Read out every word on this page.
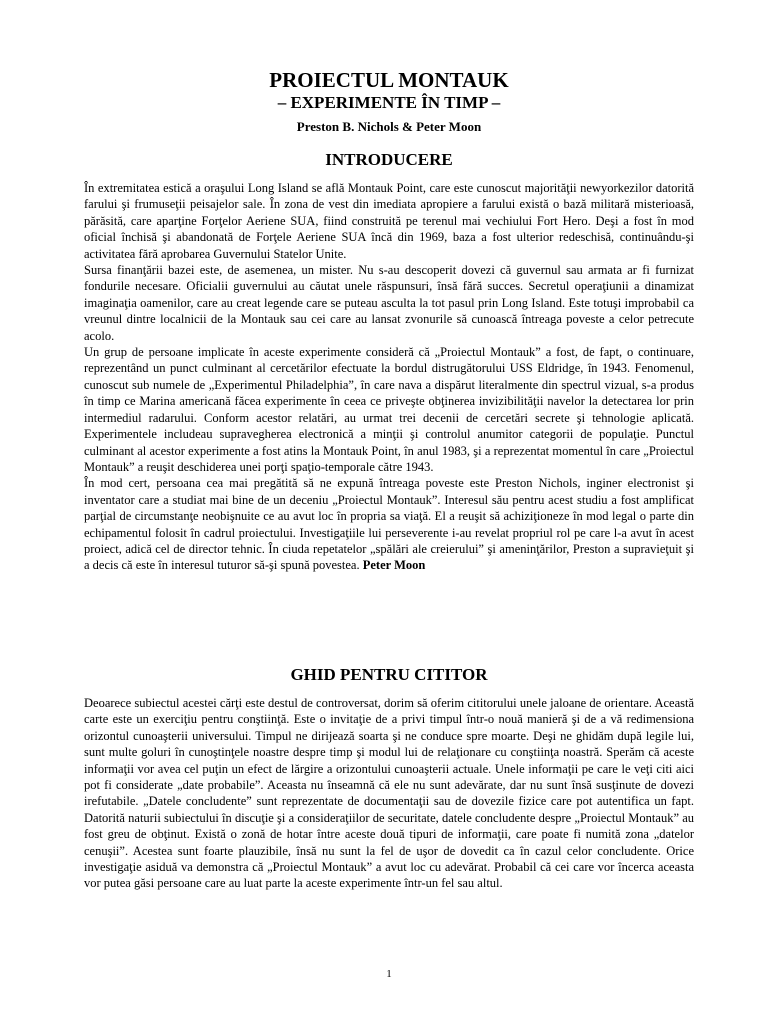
PROIECTUL MONTAUK
– EXPERIMENTE ÎN TIMP –
Preston B. Nichols & Peter Moon
INTRODUCERE

În extremitatea estică a oraşului Long Island se află Montauk Point, care este cunoscut majorităţii newyorkezilor datorită farului şi frumuseţii peisajelor sale. În zona de vest din imediata apropiere a farului există o bază militară misterioasă, părăsită, care aparţine Forţelor Aeriene SUA, fiind construită pe terenul mai vechiului Fort Hero. Deşi a fost în mod oficial închisă şi abandonată de Forţele Aeriene SUA încă din 1969, baza a fost ulterior redeschisă, continuându-şi activitatea fără aprobarea Guvernului Statelor Unite.

Sursa finanţării bazei este, de asemenea, un mister. Nu s-au descoperit dovezi că guvernul sau armata ar fi furnizat fondurile necesare. Oficialii guvernului au căutat unele răspunsuri, însă fără succes. Secretul operaţiunii a dinamizat imaginaţia oamenilor, care au creat legende care se puteau asculta la tot pasul prin Long Island. Este totuşi improbabil ca vreunul dintre localnicii de la Montauk sau cei care au lansat zvonurile să cunoască întreaga poveste a celor petrecute acolo.

Un grup de persoane implicate în aceste experimente consideră că „Proiectul Montauk” a fost, de fapt, o continuare, reprezentând un punct culminant al cercetărilor efectuate la bordul distrugătorului USS Eldridge, în 1943. Fenomenul, cunoscut sub numele de „Experimentul Philadelphia”, în care nava a dispărut literalmente din spectrul vizual, s-a produs în timp ce Marina americană făcea experimente în ceea ce priveşte obţinerea invizibilităţii navelor la detectarea lor prin intermediul radarului. Conform acestor relatări, au urmat trei decenii de cercetări secrete şi tehnologie aplicată. Experimentele includeau supravegherea electronică a minţii şi controlul anumitor categorii de populaţie. Punctul culminant al acestor experimente a fost atins la Montauk Point, în anul 1983, şi a reprezentat momentul în care „Proiectul Montauk” a reuşit deschiderea unei porţi spaţio-temporale către 1943.

În mod cert, persoana cea mai pregătită să ne expună întreaga poveste este Preston Nichols, inginer electronist şi inventator care a studiat mai bine de un deceniu „Proiectul Montauk”. Interesul său pentru acest studiu a fost amplificat parţial de circumstanţe neobişnuite ce au avut loc în propria sa viaţă. El a reuşit să achiziţioneze în mod legal o parte din echipamentul folosit în cadrul proiectului. Investigaţiile lui perseverente i-au revelat propriul rol pe care l-a avut în acest proiect, adică cel de director tehnic. În ciuda repetatelor „spălări ale creierului” şi ameninţărilor, Preston a supravieţuit şi a decis că este în interesul tuturor să-şi spună povestea. Peter Moon

GHID PENTRU CITITOR

Deoarece subiectul acestei cărţi este destul de controversat, dorim să oferim cititorului unele jaloane de orientare. Această carte este un exerciţiu pentru conştiinţă. Este o invitaţie de a privi timpul într-o nouă manieră şi de a vă redimensiona orizontul cunoaşterii universului. Timpul ne dirijează soarta şi ne conduce spre moarte. Deşi ne ghidăm după legile lui, sunt multe goluri în cunoştinţele noastre despre timp şi modul lui de relaţionare cu conştiinţa noastră. Sperăm că aceste informaţii vor avea cel puţin un efect de lărgire a orizontului cunoaşterii actuale. Unele informaţii pe care le veţi citi aici pot fi considerate „date probabile”. Aceasta nu înseamnă că ele nu sunt adevărate, dar nu sunt însă susţinute de dovezi irefutabile. „Datele concludente” sunt reprezentate de documentaţii sau de dovezile fizice care pot autentifica un fapt. Datorită naturii subiectului în discuţie şi a consideraţiilor de securitate, datele concludente despre „Proiectul Montauk” au fost greu de obţinut. Există o zonă de hotar între aceste două tipuri de informaţii, care poate fi numită zona „datelor cenuşii”. Acestea sunt foarte plauzibile, însă nu sunt la fel de uşor de dovedit ca în cazul celor concludente. Orice investigaţie asiduă va demonstra că „Proiectul Montauk” a avut loc cu adevărat. Probabil că cei care vor încerca aceasta vor putea găsi persoane care au luat parte la aceste experimente într-un fel sau altul.

1
